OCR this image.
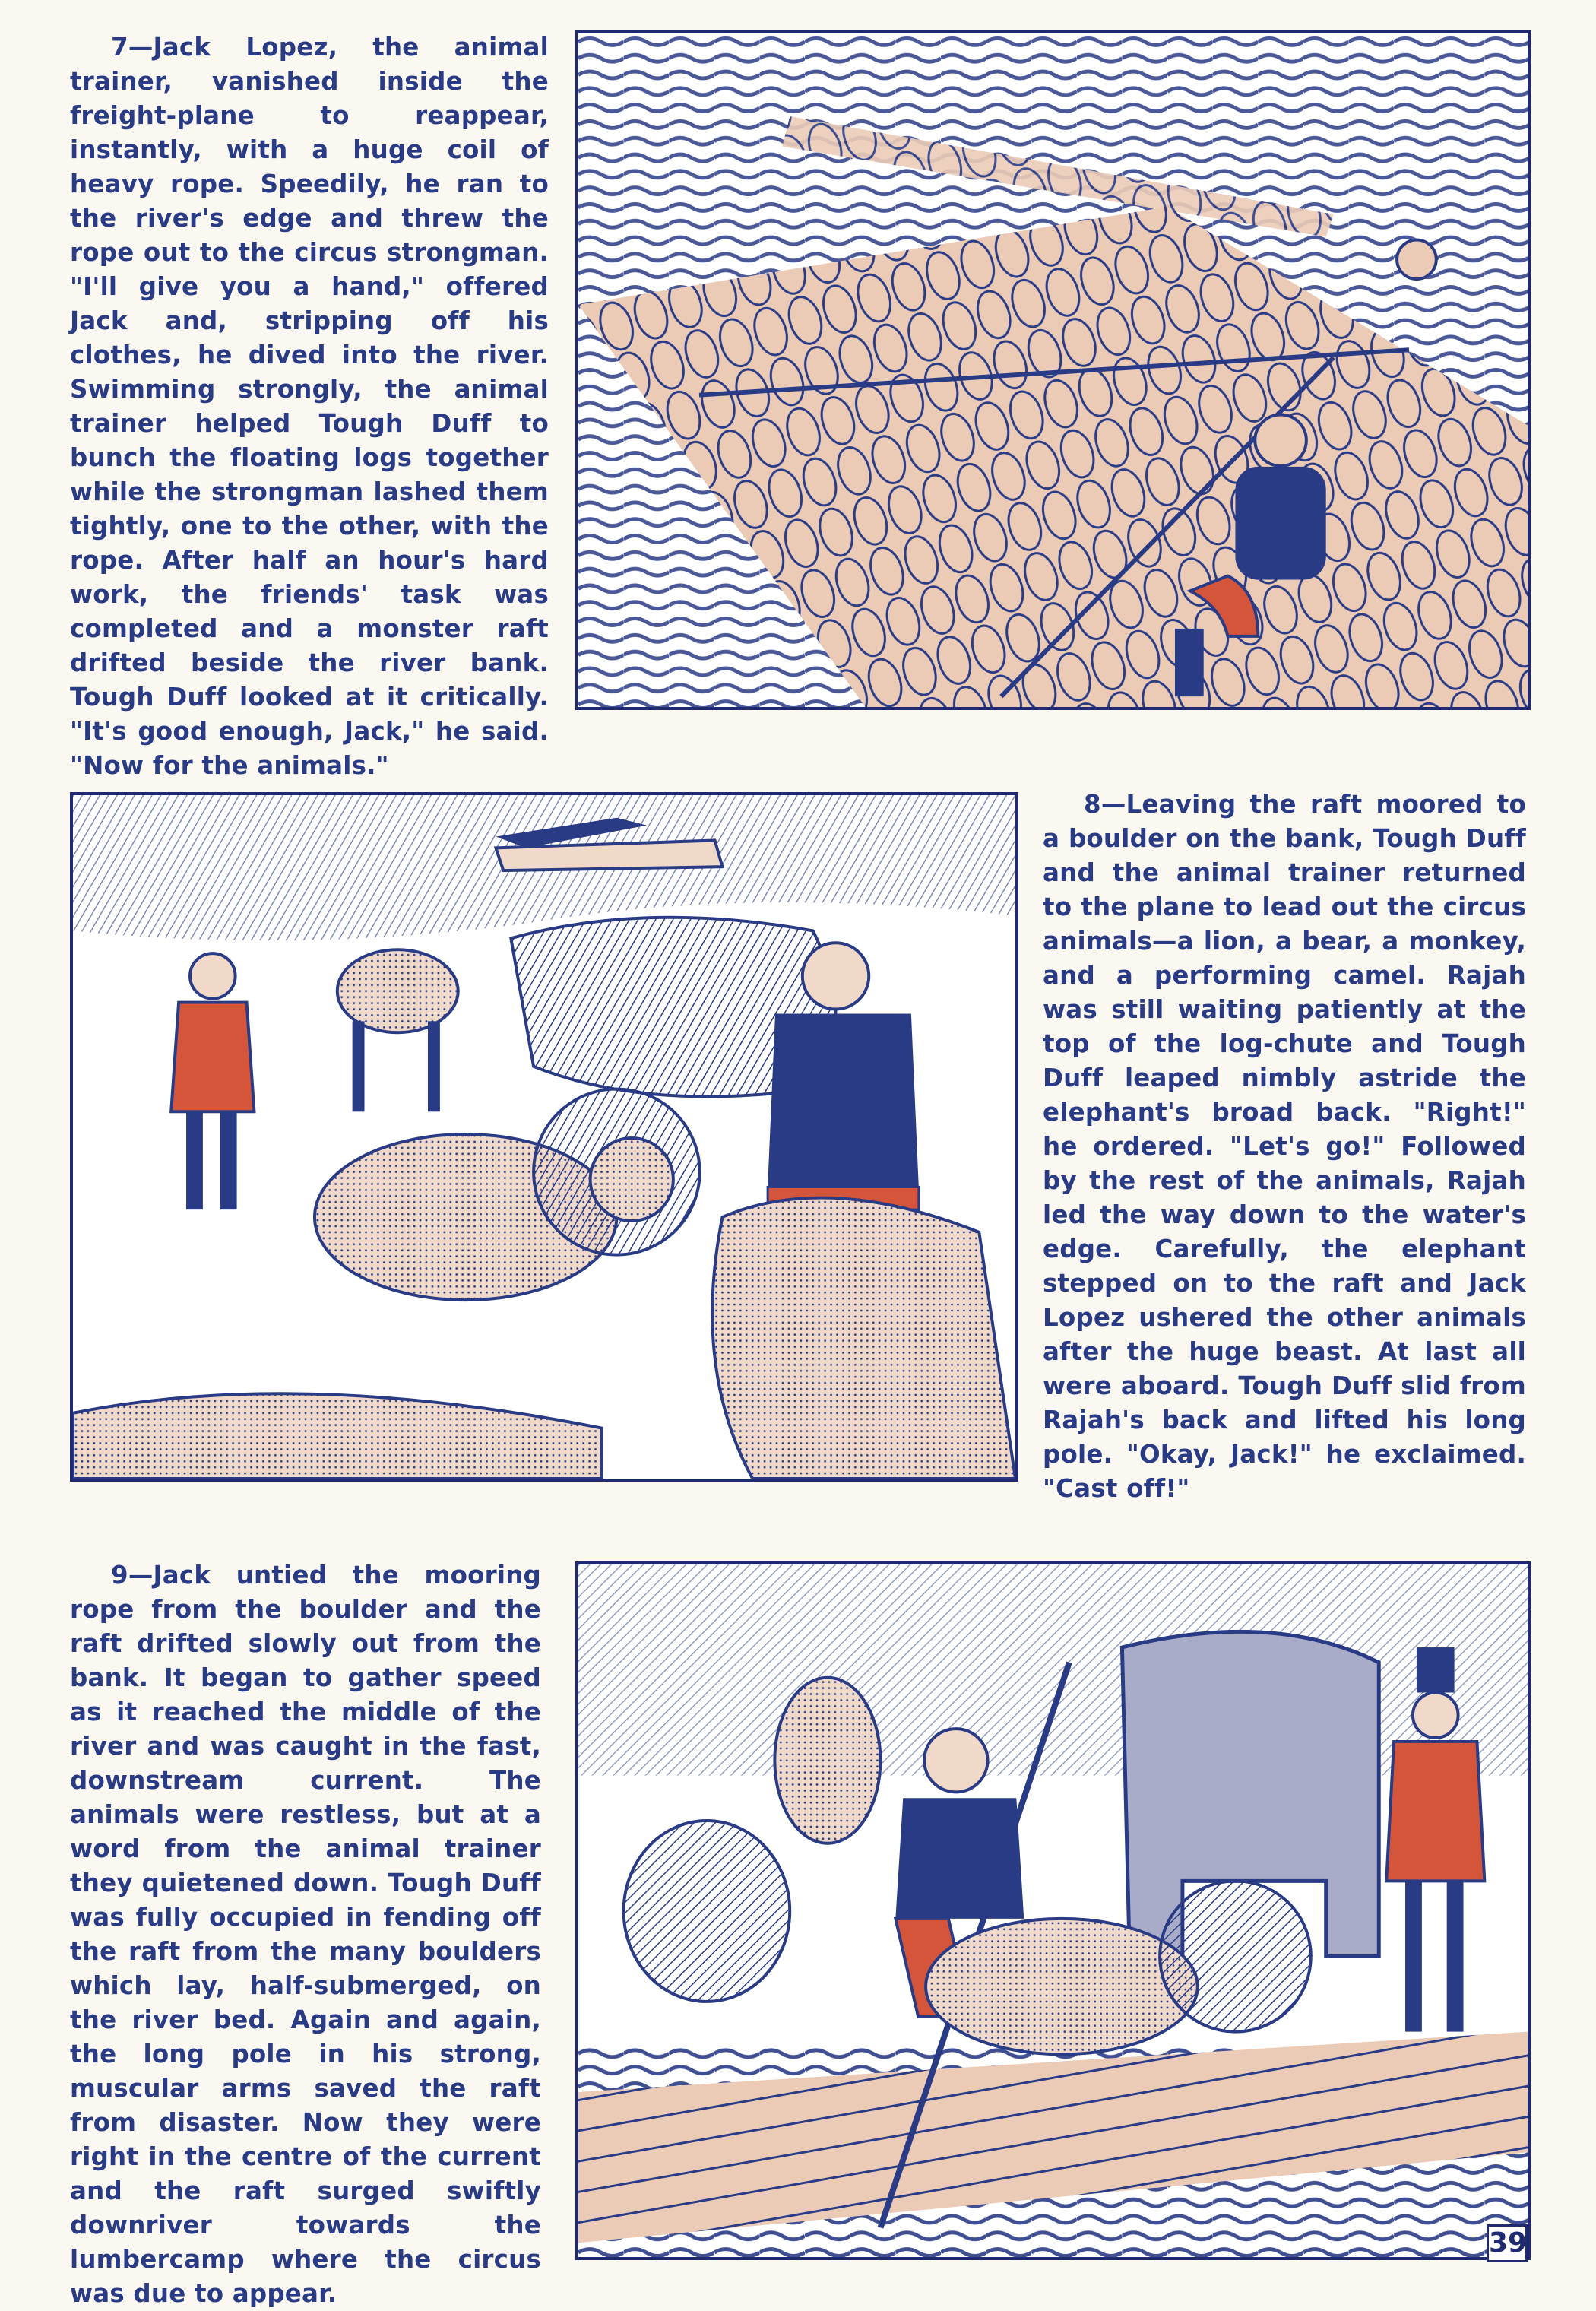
7—Jack Lopez, the animal trainer, vanished inside the freight-plane to reappear, instantly, with a huge coil of heavy rope. Speedily, he ran to the river's edge and threw the rope out to the circus strongman. "I'll give you a hand," offered Jack and, stripping off his clothes, he dived into the river. Swimming strongly, the animal trainer helped Tough Duff to bunch the floating logs together while the strongman lashed them tightly, one to the other, with the rope. After half an hour's hard work, the friends' task was completed and a monster raft drifted beside the river bank. Tough Duff looked at it critically. "It's good enough, Jack," he said. "Now for the animals."
8—Leaving the raft moored to a boulder on the bank, Tough Duff and the animal trainer returned to the plane to lead out the circus animals—a lion, a bear, a monkey, and a performing camel. Rajah was still waiting patiently at the top of the log-chute and Tough Duff leaped nimbly astride the elephant's broad back. "Right!" he ordered. "Let's go!" Followed by the rest of the animals, Rajah led the way down to the water's edge. Carefully, the elephant stepped on to the raft and Jack Lopez ushered the other animals after the huge beast. At last all were aboard. Tough Duff slid from Rajah's back and lifted his long pole. "Okay, Jack!" he exclaimed. "Cast off!"
9—Jack untied the mooring rope from the boulder and the raft drifted slowly out from the bank. It began to gather speed as it reached the middle of the river and was caught in the fast, downstream current. The animals were restless, but at a word from the animal trainer they quietened down. Tough Duff was fully occupied in fending off the raft from the many boulders which lay, half-submerged, on the river bed. Again and again, the long pole in his strong, muscular arms saved the raft from disaster. Now they were right in the centre of the current and the raft surged swiftly downriver towards the lumbercamp where the circus was due to appear.
39
